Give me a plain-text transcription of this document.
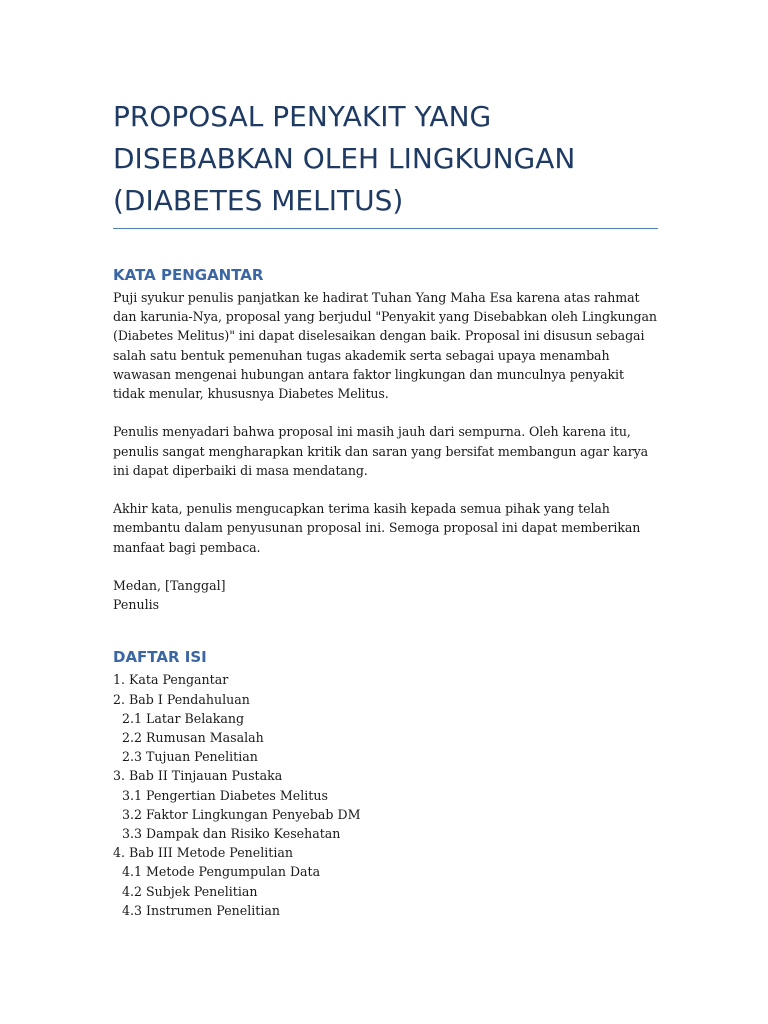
PROPOSAL PENYAKIT YANG
DISEBABKAN OLEH LINGKUNGAN
(DIABETES MELITUS)
KATA PENGANTAR

Puji syukur penulis panjatkan ke hadirat Tuhan Yang Maha Esa karena atas rahmat dan karunia-Nya, proposal yang berjudul "Penyakit yang Disebabkan oleh Lingkungan (Diabetes Melitus)" ini dapat diselesaikan dengan baik. Proposal ini disusun sebagai salah satu bentuk pemenuhan tugas akademik serta sebagai upaya menambah wawasan mengenai hubungan antara faktor lingkungan dan munculnya penyakit tidak menular, khususnya Diabetes Melitus.

Penulis menyadari bahwa proposal ini masih jauh dari sempurna. Oleh karena itu, penulis sangat mengharapkan kritik dan saran yang bersifat membangun agar karya ini dapat diperbaiki di masa mendatang.

Akhir kata, penulis mengucapkan terima kasih kepada semua pihak yang telah membantu dalam penyusunan proposal ini. Semoga proposal ini dapat memberikan manfaat bagi pembaca.

Medan, [Tanggal]

Penulis

DAFTAR ISI
1. Kata Pengantar
2. Bab I Pendahuluan
2.1 Latar Belakang
2.2 Rumusan Masalah
2.3 Tujuan Penelitian
3. Bab II Tinjauan Pustaka
3.1 Pengertian Diabetes Melitus
3.2 Faktor Lingkungan Penyebab DM
3.3 Dampak dan Risiko Kesehatan
4. Bab III Metode Penelitian
4.1 Metode Pengumpulan Data
4.2 Subjek Penelitian
4.3 Instrumen Penelitian
